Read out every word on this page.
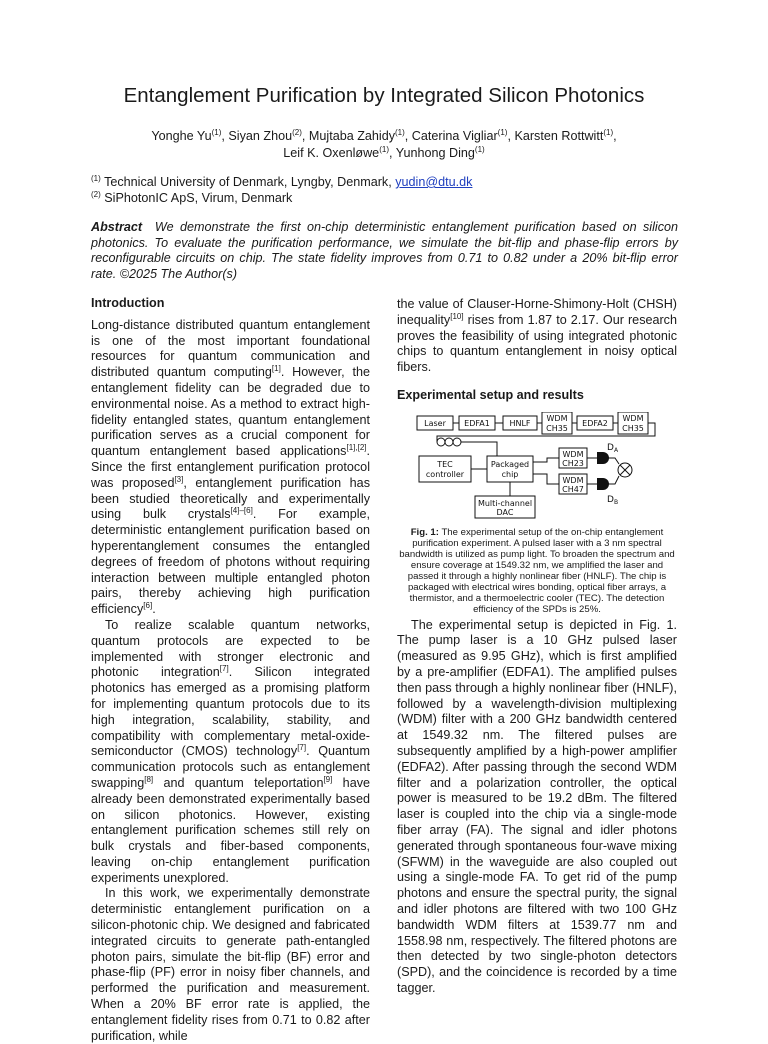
Entanglement Purification by Integrated Silicon Photonics
Yonghe Yu$^{(1)}$, Siyan Zhou$^{(2)}$, Mujtaba Zahidy$^{(1)}$, Caterina Vigliar$^{(1)}$, Karsten Rottwitt$^{(1)}$,
Leif K. Oxenløwe$^{(1)}$, Yunhong Ding$^{(1)}$
$^{(1)}$ Technical University of Denmark, Lyngby, Denmark, yudin@dtu.dk
$^{(2)}$ SiPhotonIC ApS, Virum, Denmark
Abstract We demonstrate the first on-chip deterministic entanglement purification based on silicon photonics. To evaluate the purification performance, we simulate the bit-flip and phase-flip errors by reconfigurable circuits on chip. The state fidelity improves from 0.71 to 0.82 under a 20% bit-flip error rate. ©2025 The Author(s)
Introduction

Long-distance distributed quantum entanglement is one of the most important foundational resources for quantum communication and distributed quantum computing[1]. However, the entanglement fidelity can be degraded due to environmental noise. As a method to extract high-fidelity entangled states, quantum entanglement purification serves as a crucial component for quantum entanglement based applications[1],[2]. Since the first entanglement purification protocol was proposed[3], entanglement purification has been studied theoretically and experimentally using bulk crystals[4]–[6]. For example, deterministic entanglement purification based on hyperentanglement consumes the entangled degrees of freedom of photons without requiring interaction between multiple entangled photon pairs, thereby achieving high purification efficiency[6].

To realize scalable quantum networks, quantum protocols are expected to be implemented with stronger electronic and photonic integration[7]. Silicon integrated photonics has emerged as a promising platform for implementing quantum protocols due to its high integration, scalability, stability, and compatibility with complementary metal-oxide-semiconductor (CMOS) technology[7]. Quantum communication protocols such as entanglement swapping[8] and quantum teleportation[9] have already been demonstrated experimentally based on silicon photonics. However, existing entanglement purification schemes still rely on bulk crystals and fiber-based components, leaving on-chip entanglement purification experiments unexplored.

In this work, we experimentally demonstrate deterministic entanglement purification on a silicon-photonic chip. We designed and fabricated integrated circuits to generate path-entangled photon pairs, simulate the bit-flip (BF) error and phase-flip (PF) error in noisy fiber channels, and performed the purification and measurement. When a 20% BF error rate is applied, the entanglement fidelity rises from 0.71 to 0.82 after purification, while

the value of Clauser-Horne-Shimony-Holt (CHSH) inequality[10] rises from 1.87 to 2.17. Our research proves the feasibility of using integrated photonic chips to quantum entanglement in noisy optical fibers.

Experimental setup and results
Laser EDFA1 HNLF
WDM
CH35
EDFA2
WDM
CH35
TEC
controller
Packaged
chip
WDM
CH23
WDM
CH47
Multi-channel
DAC
$D_A$
$D_B$
Fig. 1: The experimental setup of the on-chip entanglement purification experiment. A pulsed laser with a 3 nm spectral bandwidth is utilized as pump light. To broaden the spectrum and ensure coverage at 1549.32 nm, we amplified the laser and passed it through a highly nonlinear fiber (HNLF). The chip is packaged with electrical wires bonding, optical fiber arrays, a thermistor, and a thermoelectric cooler (TEC). The detection efficiency of the SPDs is 25%.

The experimental setup is depicted in Fig. 1. The pump laser is a 10 GHz pulsed laser (measured as 9.95 GHz), which is first amplified by a pre-amplifier (EDFA1). The amplified pulses then pass through a highly nonlinear fiber (HNLF), followed by a wavelength-division multiplexing (WDM) filter with a 200 GHz bandwidth centered at 1549.32 nm. The filtered pulses are subsequently amplified by a high-power amplifier (EDFA2). After passing through the second WDM filter and a polarization controller, the optical power is measured to be 19.2 dBm. The filtered laser is coupled into the chip via a single-mode fiber array (FA). The signal and idler photons generated through spontaneous four-wave mixing (SFWM) in the waveguide are also coupled out using a single-mode FA. To get rid of the pump photons and ensure the spectral purity, the signal and idler photons are filtered with two 100 GHz bandwidth WDM filters at 1539.77 nm and 1558.98 nm, respectively. The filtered photons are then detected by two single-photon detectors (SPD), and the coincidence is recorded by a time tagger.
